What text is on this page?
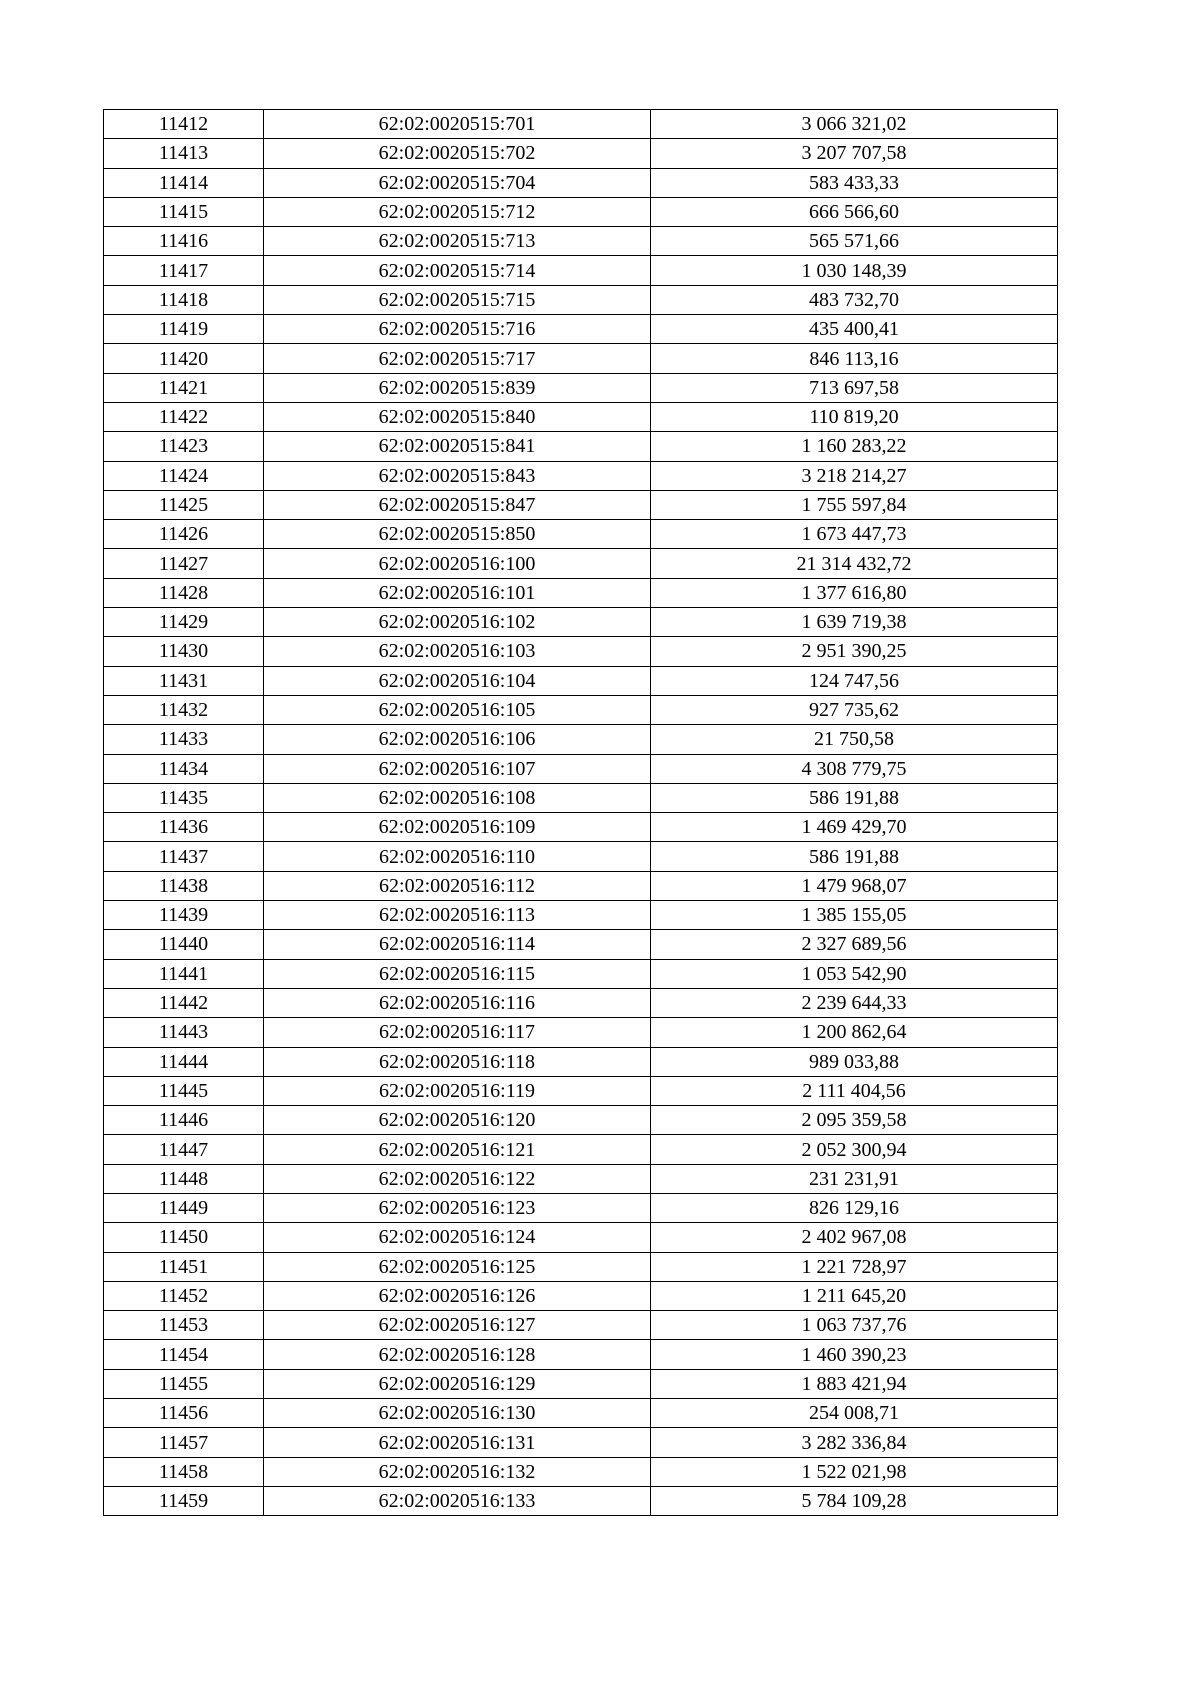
11412	62:02:0020515:701	3 066 321,02
11413	62:02:0020515:702	3 207 707,58
11414	62:02:0020515:704	583 433,33
11415	62:02:0020515:712	666 566,60
11416	62:02:0020515:713	565 571,66
11417	62:02:0020515:714	1 030 148,39
11418	62:02:0020515:715	483 732,70
11419	62:02:0020515:716	435 400,41
11420	62:02:0020515:717	846 113,16
11421	62:02:0020515:839	713 697,58
11422	62:02:0020515:840	110 819,20
11423	62:02:0020515:841	1 160 283,22
11424	62:02:0020515:843	3 218 214,27
11425	62:02:0020515:847	1 755 597,84
11426	62:02:0020515:850	1 673 447,73
11427	62:02:0020516:100	21 314 432,72
11428	62:02:0020516:101	1 377 616,80
11429	62:02:0020516:102	1 639 719,38
11430	62:02:0020516:103	2 951 390,25
11431	62:02:0020516:104	124 747,56
11432	62:02:0020516:105	927 735,62
11433	62:02:0020516:106	21 750,58
11434	62:02:0020516:107	4 308 779,75
11435	62:02:0020516:108	586 191,88
11436	62:02:0020516:109	1 469 429,70
11437	62:02:0020516:110	586 191,88
11438	62:02:0020516:112	1 479 968,07
11439	62:02:0020516:113	1 385 155,05
11440	62:02:0020516:114	2 327 689,56
11441	62:02:0020516:115	1 053 542,90
11442	62:02:0020516:116	2 239 644,33
11443	62:02:0020516:117	1 200 862,64
11444	62:02:0020516:118	989 033,88
11445	62:02:0020516:119	2 111 404,56
11446	62:02:0020516:120	2 095 359,58
11447	62:02:0020516:121	2 052 300,94
11448	62:02:0020516:122	231 231,91
11449	62:02:0020516:123	826 129,16
11450	62:02:0020516:124	2 402 967,08
11451	62:02:0020516:125	1 221 728,97
11452	62:02:0020516:126	1 211 645,20
11453	62:02:0020516:127	1 063 737,76
11454	62:02:0020516:128	1 460 390,23
11455	62:02:0020516:129	1 883 421,94
11456	62:02:0020516:130	254 008,71
11457	62:02:0020516:131	3 282 336,84
11458	62:02:0020516:132	1 522 021,98
11459	62:02:0020516:133	5 784 109,28
